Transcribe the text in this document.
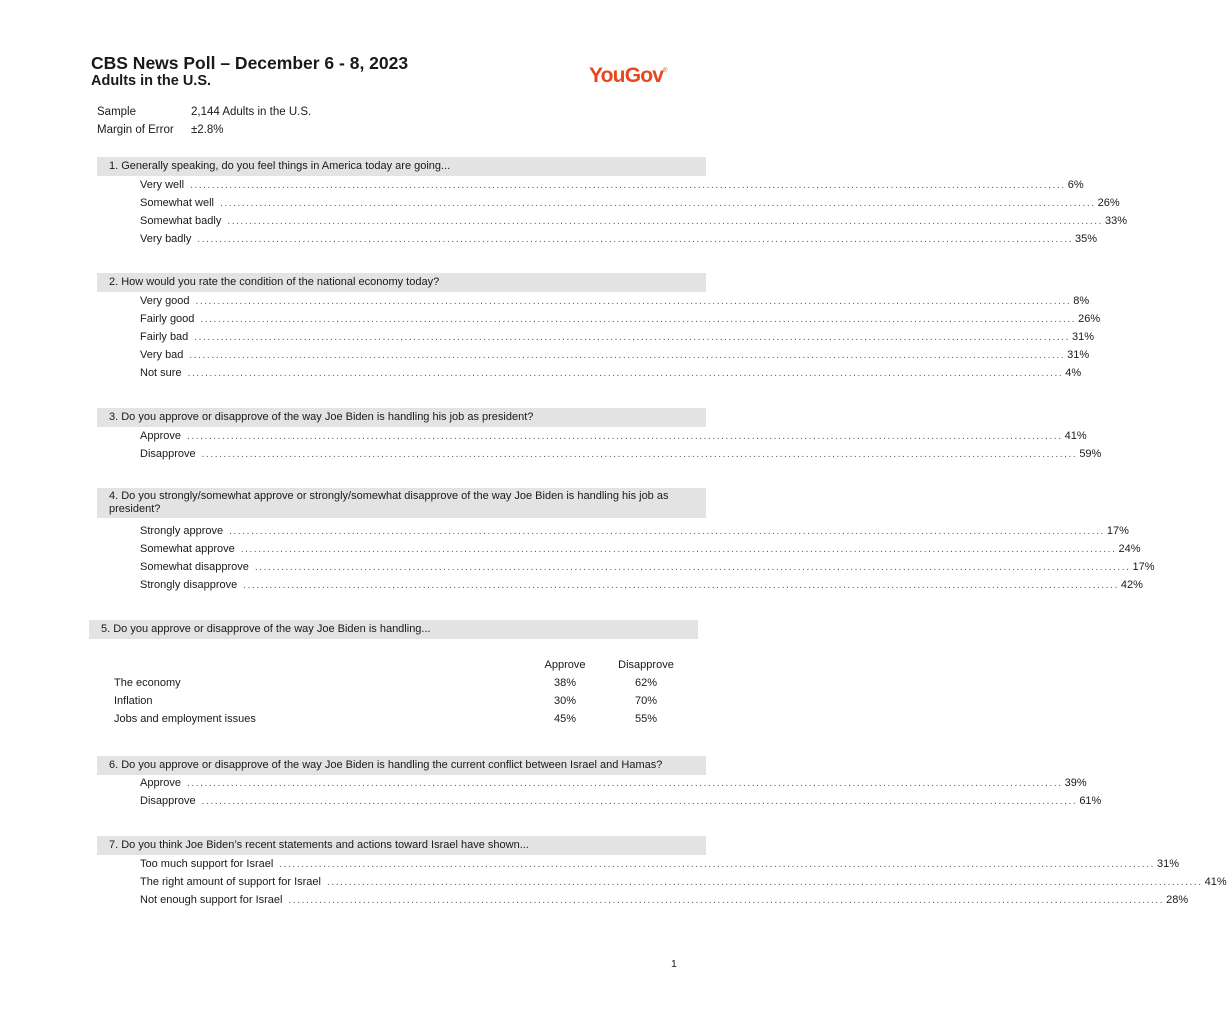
CBS News Poll – December 6 - 8, 2023
Adults in the U.S.	YouGov®
Sample	2,144 Adults in the U.S.
Margin of Error ±2.8%
1. Generally speaking, do you feel things in America today are going...
Very well ........................................................................................................................................................................................................ 6%
Somewhat well ........................................................................................................................................................................................................ 26%
Somewhat badly ........................................................................................................................................................................................................ 33%
Very badly ........................................................................................................................................................................................................ 35%
2. How would you rate the condition of the national economy today?
Very good ........................................................................................................................................................................................................ 8%
Fairly good ........................................................................................................................................................................................................ 26%
Fairly bad ........................................................................................................................................................................................................ 31%
Very bad ........................................................................................................................................................................................................ 31%
Not sure ........................................................................................................................................................................................................ 4%
3. Do you approve or disapprove of the way Joe Biden is handling his job as president?
Approve ........................................................................................................................................................................................................ 41%
Disapprove ........................................................................................................................................................................................................ 59%
4. Do you strongly/somewhat approve or strongly/somewhat disapprove of the way Joe Biden is handling his job as president?
Strongly approve ........................................................................................................................................................................................................ 17%
Somewhat approve ........................................................................................................................................................................................................ 24%
Somewhat disapprove ........................................................................................................................................................................................................ 17%
Strongly disapprove ........................................................................................................................................................................................................ 42%
5. Do you approve or disapprove of the way Joe Biden is handling...
Approve	Disapprove
The economy	38%	62%
Inflation	30%	70%
Jobs and employment issues	45%	55%
6. Do you approve or disapprove of the way Joe Biden is handling the current conflict between Israel and Hamas?
Approve ........................................................................................................................................................................................................ 39%
Disapprove ........................................................................................................................................................................................................ 61%
7. Do you think Joe Biden’s recent statements and actions toward Israel have shown...
Too much support for Israel ........................................................................................................................................................................................................ 31%
The right amount of support for Israel ........................................................................................................................................................................................................ 41%
Not enough support for Israel ........................................................................................................................................................................................................ 28%
1
